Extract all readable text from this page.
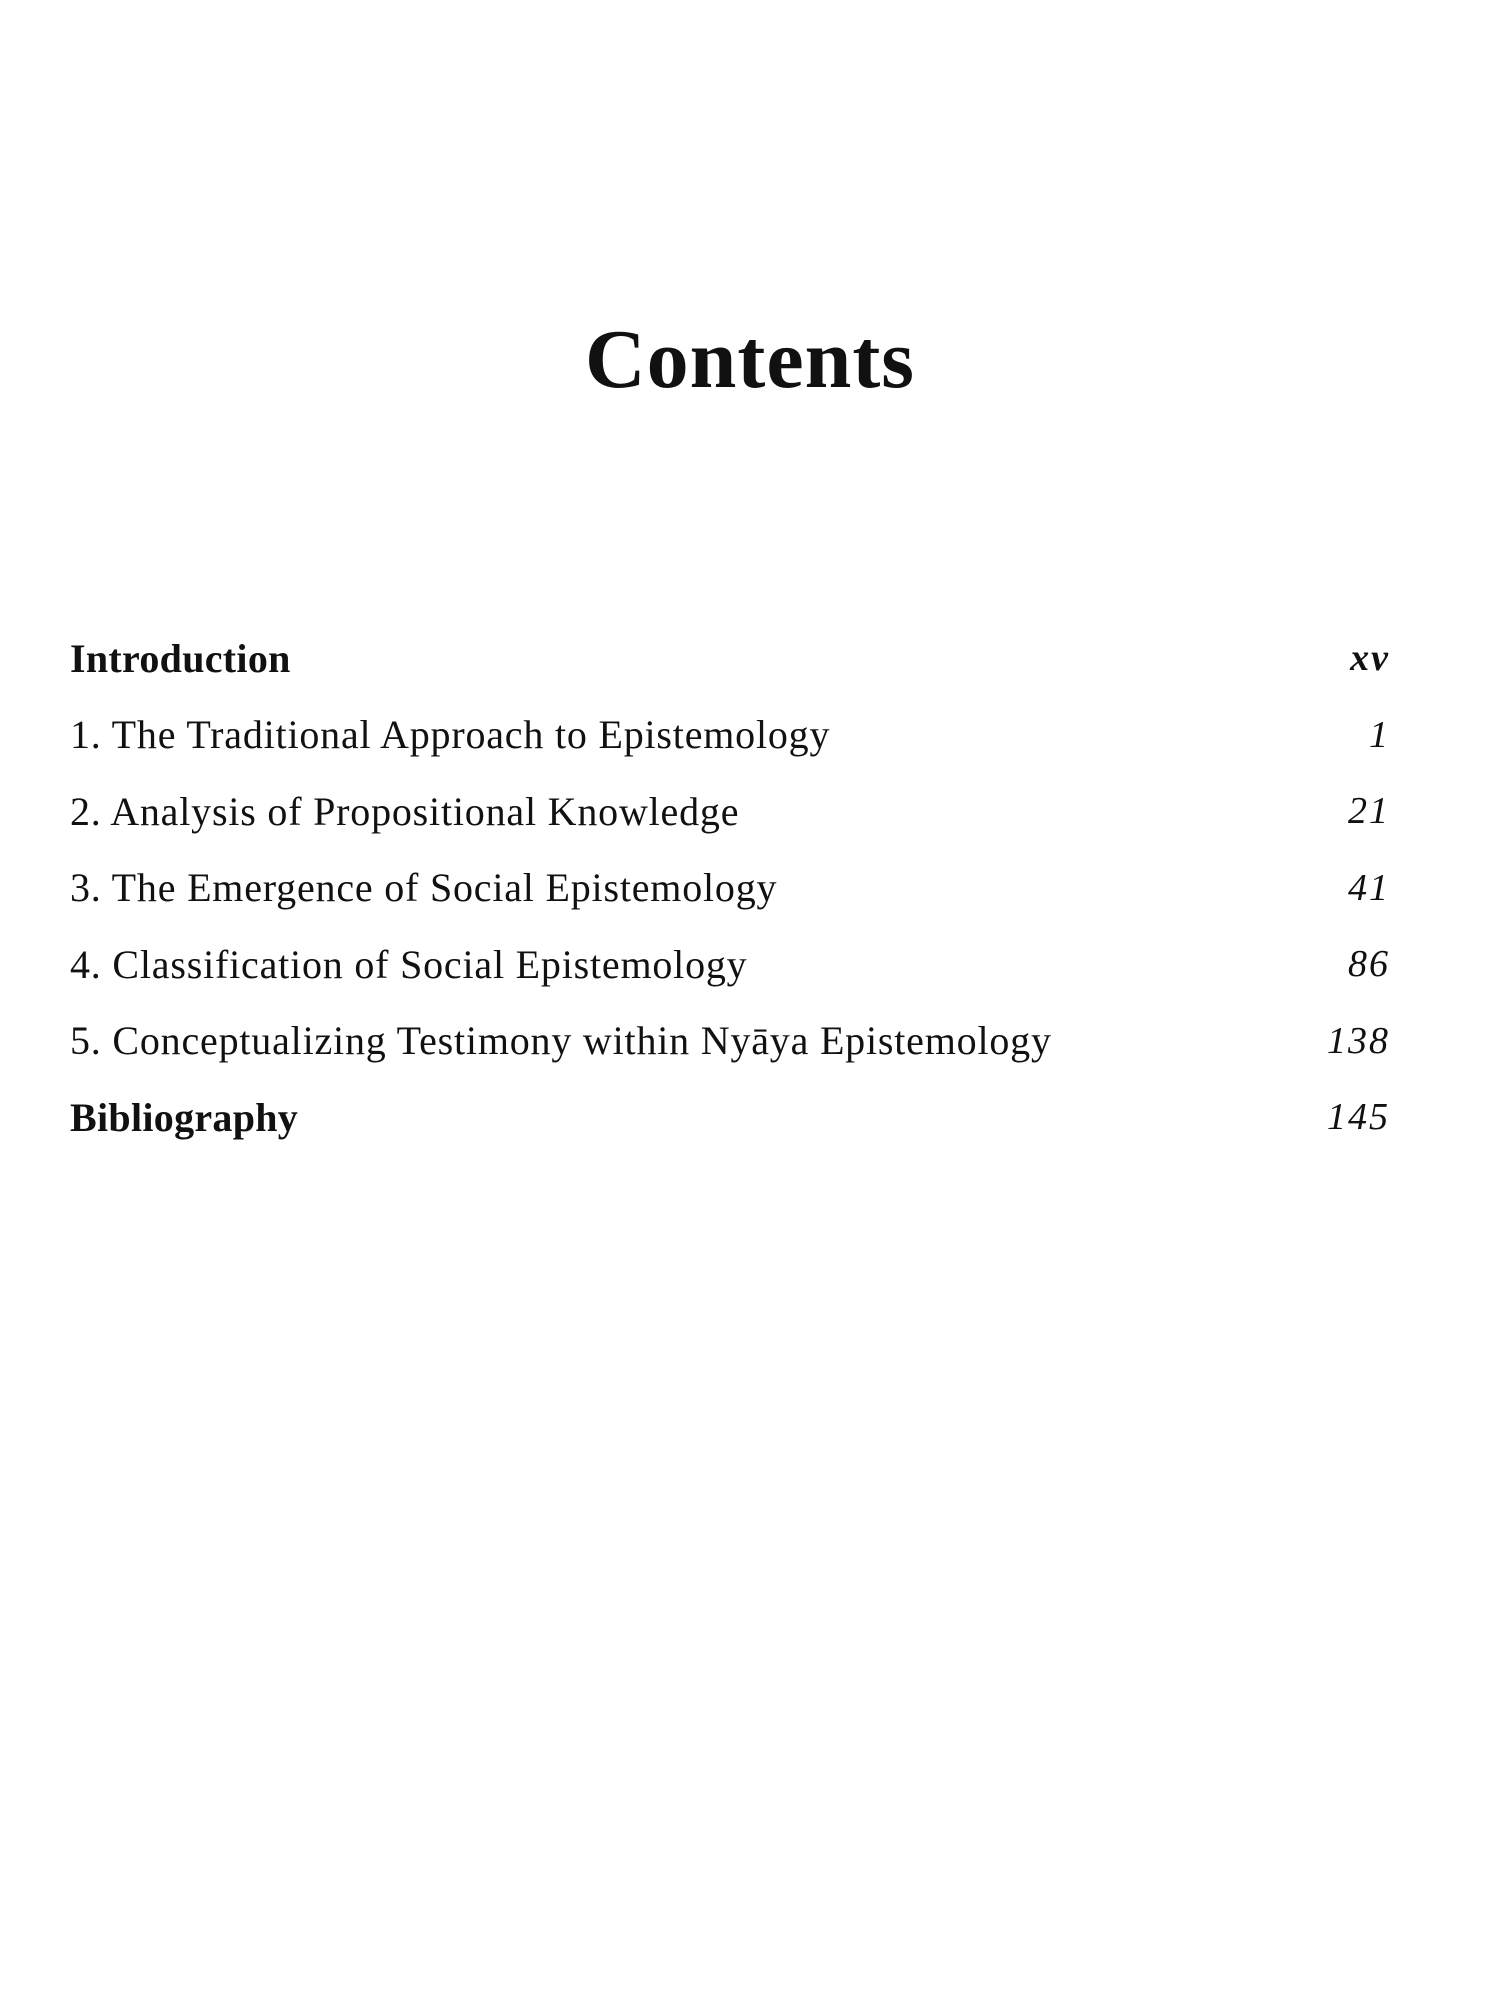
Contents
Introduction	xv
1. The Traditional Approach to Epistemology	1
2. Analysis of Propositional Knowledge	21
3. The Emergence of Social Epistemology	41
4. Classification of Social Epistemology	86
5. Conceptualizing Testimony within Nyāya Epistemology	138
Bibliography	145
